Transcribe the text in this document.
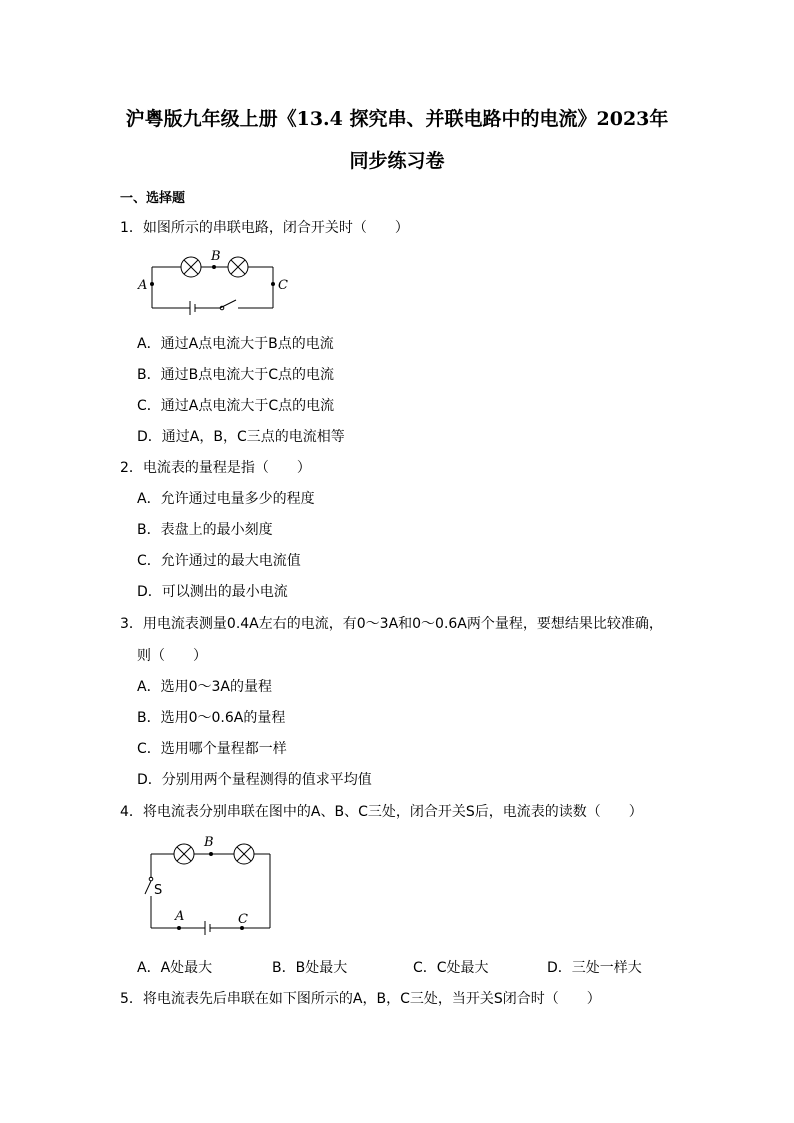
沪粤版九年级上册《13.4 探究串、并联电路中的电流》2023年
同步练习卷
一、选择题
1．如图所示的串联电路，闭合开关时（　　）
B
A	C
A．通过A点电流大于B点的电流
B．通过B点电流大于C点的电流
C．通过A点电流大于C点的电流
D．通过A，B，C三点的电流相等
2．电流表的量程是指（　　）
A．允许通过电量多少的程度
B．表盘上的最小刻度
C．允许通过的最大电流值
D．可以测出的最小电流
3．用电流表测量0.4A左右的电流，有0～3A和0～0.6A两个量程，要想结果比较准确，
则（　　）
A．选用0～3A的量程
B．选用0～0.6A的量程
C．选用哪个量程都一样
D．分别用两个量程测得的值求平均值
4．将电流表分别串联在图中的A、B、C三处，闭合开关S后，电流表的读数（　　）
B
A	C
S
A．A处最大	B．B处最大	C．C处最大	D．三处一样大
5．将电流表先后串联在如下图所示的A，B，C三处，当开关S闭合时（　　）
